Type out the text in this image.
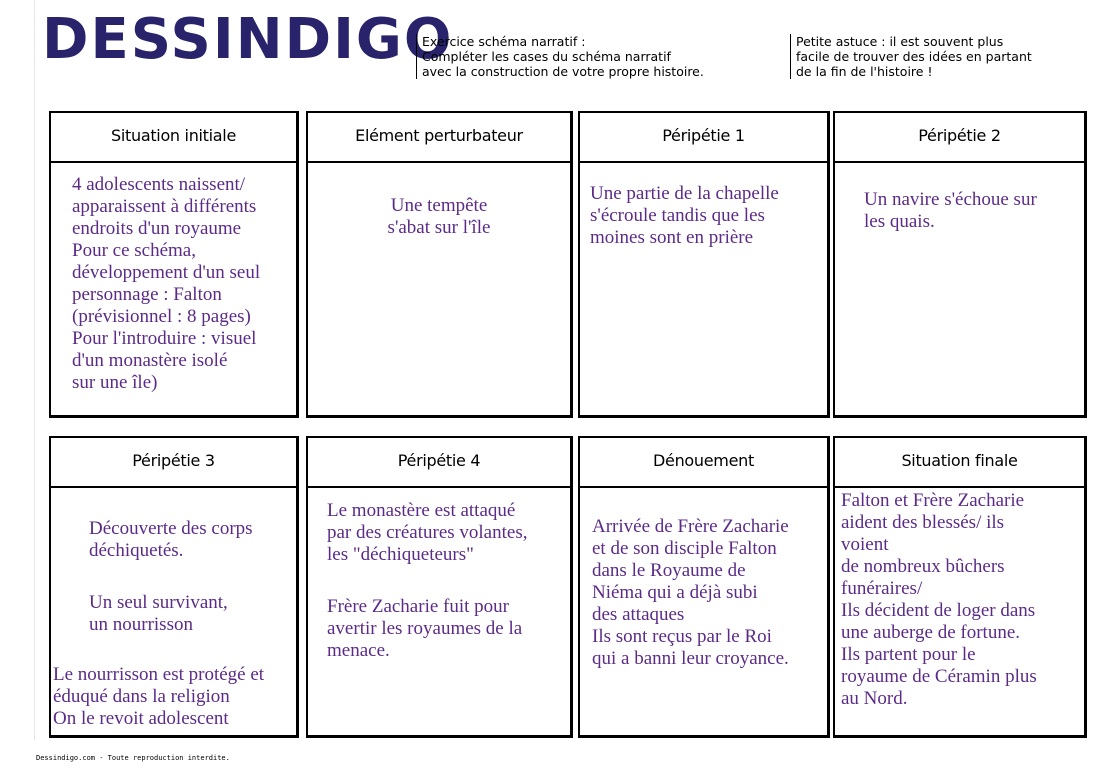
DESSINDIGO
Exercice schéma narratif :
Compléter les cases du schéma narratif
avec la construction de votre propre histoire.
Petite astuce : il est souvent plus
facile de trouver des idées en partant
de la fin de l'histoire !
Situation initiale
4 adolescents naissent/
apparaissent à différents
endroits d'un royaume
Pour ce schéma,
développement d'un seul
personnage : Falton
(prévisionnel : 8 pages)
Pour l'introduire : visuel
d'un monastère isolé
sur une île)
Elément perturbateur
Une tempête
s'abat sur l'île
Péripétie 1
Une partie de la chapelle
s'écroule tandis que les
moines sont en prière
Péripétie 2
Un navire s'échoue sur
les quais.
Péripétie 3
Découverte des corps
déchiquetés.
Un seul survivant,
un nourrisson
Le nourrisson est protégé et
éduqué dans la religion
On le revoit adolescent
Péripétie 4
Le monastère est attaqué
par des créatures volantes,
les "déchiqueteurs"
Frère Zacharie fuit pour
avertir les royaumes de la
menace.
Dénouement
Arrivée de Frère Zacharie
et de son disciple Falton
dans le Royaume de
Niéma qui a déjà subi
des attaques
Ils sont reçus par le Roi
qui a banni leur croyance.
Situation finale
Falton et Frère Zacharie
aident des blessés/ ils
voient
de nombreux bûchers
funéraires/
Ils décident de loger dans
une auberge de fortune.
Ils partent pour le
royaume de Céramin plus
au Nord.
Dessindigo.com - Toute reproduction interdite.
